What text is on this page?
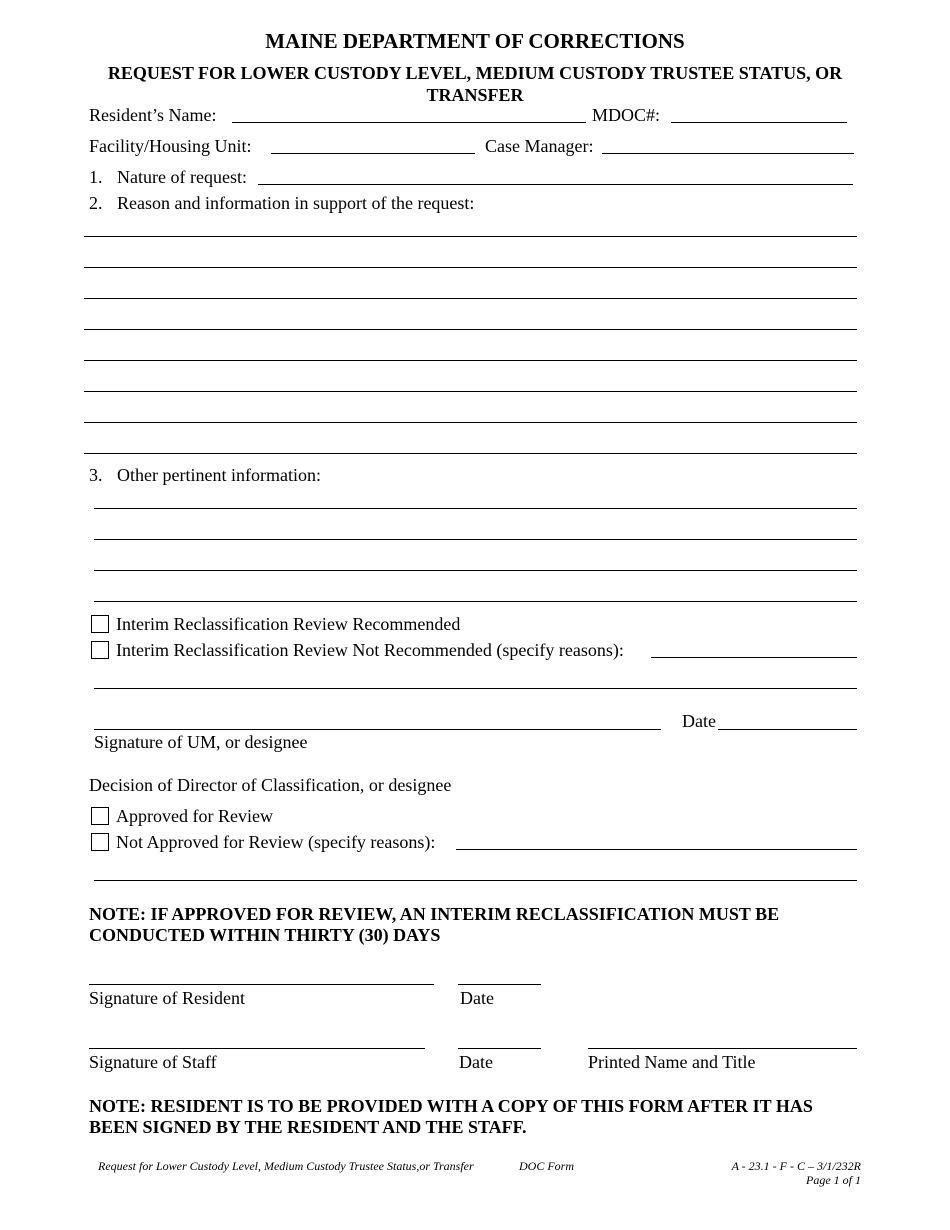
MAINE DEPARTMENT OF CORRECTIONS
REQUEST FOR LOWER CUSTODY LEVEL, MEDIUM CUSTODY TRUSTEE STATUS, OR
TRANSFER
Resident’s Name:	MDOC#:
Facility/Housing Unit:	Case Manager:
1. Nature of request:
2. Reason and information in support of the request:
3. Other pertinent information:
Interim Reclassification Review Recommended
Interim Reclassification Review Not Recommended (specify reasons):
Date
Signature of UM, or designee
Decision of Director of Classification, or designee
Approved for Review
Not Approved for Review (specify reasons):
NOTE: IF APPROVED FOR REVIEW, AN INTERIM RECLASSIFICATION MUST BE
CONDUCTED WITHIN THIRTY (30) DAYS
Signature of Resident	Date
Signature of Staff	Date	Printed Name and Title
NOTE: RESIDENT IS TO BE PROVIDED WITH A COPY OF THIS FORM AFTER IT HAS
BEEN SIGNED BY THE RESIDENT AND THE STAFF.
Request for Lower Custody Level, Medium Custody Trustee Status,or Transfer	DOC Form	A - 23.1 - F - C – 3/1/232R
Page 1 of 1
